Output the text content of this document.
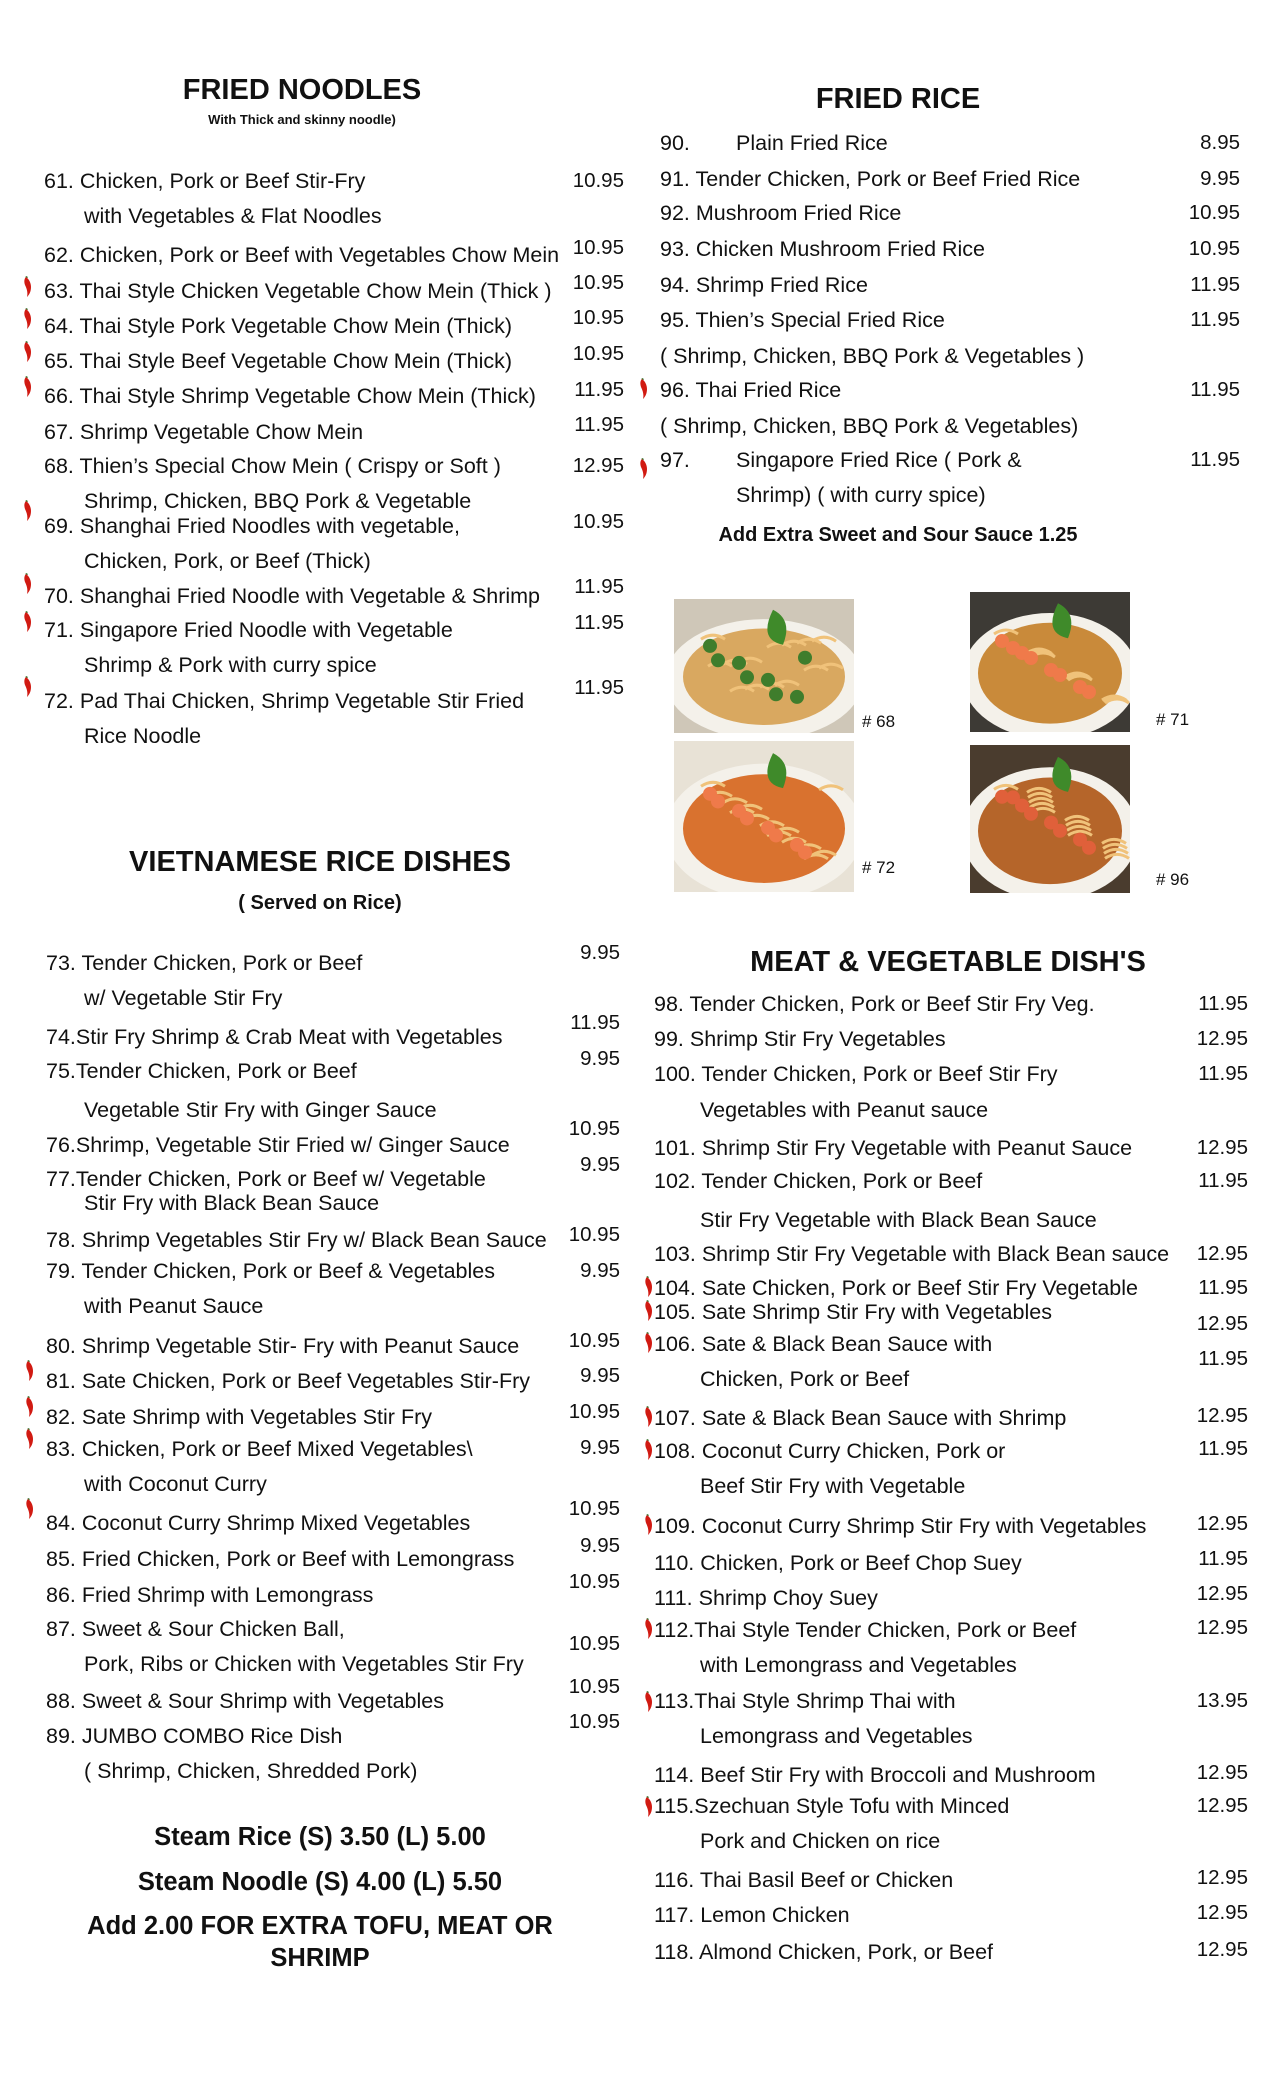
FRIED NOODLES
With Thick and skinny noodle)
61. Chicken, Pork or Beef Stir-Fry
with Vegetables & Flat Noodles
10.95
62. Chicken, Pork or Beef with Vegetables Chow Mein 10.95
63. Thai Style Chicken Vegetable Chow Mein (Thick ) 10.95
64. Thai Style Pork Vegetable Chow Mein (Thick)	10.95
65. Thai Style Beef Vegetable Chow Mein (Thick)	10.95
66. Thai Style Shrimp Vegetable Chow Mein (Thick) 11.95
67. Shrimp Vegetable Chow Mein	11.95
68. Thien’s Special Chow Mein ( Crispy or Soft )
Shrimp, Chicken, BBQ Pork & Vegetable
12.95
69. Shanghai Fried Noodles with vegetable,
Chicken, Pork, or Beef (Thick)
10.95
70. Shanghai Fried Noodle with Vegetable & Shrimp 11.95
71. Singapore Fried Noodle with Vegetable
Shrimp & Pork with curry spice
11.95
72. Pad Thai Chicken, Shrimp Vegetable Stir Fried
Rice Noodle
11.95
FRIED RICE
90. Plain Fried Rice	8.95
91. Tender Chicken, Pork or Beef Fried Rice	9.95
92. Mushroom Fried Rice	10.95
93. Chicken Mushroom Fried Rice	10.95
94. Shrimp Fried Rice	11.95
95. Thien’s Special Fried Rice
( Shrimp, Chicken, BBQ Pork & Vegetables )
11.95
96. Thai Fried Rice
( Shrimp, Chicken, BBQ Pork & Vegetables)
11.95
97. Singapore Fried Rice ( Pork &
Shrimp) ( with curry spice)
11.95
Add Extra Sweet and Sour Sauce 1.25
# 68	# 71
# 72
# 96
VIETNAMESE RICE DISHES
( Served on Rice)
73. Tender Chicken, Pork or Beef
w/ Vegetable Stir Fry
9.95
74.Stir Fry Shrimp & Crab Meat with Vegetables
11.95
75.Tender Chicken, Pork or Beef
Vegetable Stir Fry with Ginger Sauce
9.95
76.Shrimp, Vegetable Stir Fried w/ Ginger Sauce
10.95
77.Tender Chicken, Pork or Beef w/ Vegetable
Stir Fry with Black Bean Sauce
9.95
78. Shrimp Vegetables Stir Fry w/ Black Bean Sauce 10.95
79. Tender Chicken, Pork or Beef & Vegetables
with Peanut Sauce
9.95
80. Shrimp Vegetable Stir- Fry with Peanut Sauce 10.95
81. Sate Chicken, Pork or Beef Vegetables Stir-Fry 9.95
82. Sate Shrimp with Vegetables Stir Fry	10.95
83. Chicken, Pork or Beef Mixed Vegetables\
with Coconut Curry
9.95
84. Coconut Curry Shrimp Mixed Vegetables
10.95
85. Fried Chicken, Pork or Beef with Lemongrass
9.95
86. Fried Shrimp with Lemongrass
10.95
87. Sweet & Sour Chicken Ball,
Pork, Ribs or Chicken with Vegetables Stir Fry
10.95
88. Sweet & Sour Shrimp with Vegetables
10.95
89. JUMBO COMBO Rice Dish
( Shrimp, Chicken, Shredded Pork)
10.95
Steam Rice (S) 3.50 (L) 5.00
Steam Noodle (S) 4.00 (L) 5.50
Add 2.00 FOR EXTRA TOFU, MEAT OR
SHRIMP
MEAT & VEGETABLE DISH'S
98. Tender Chicken, Pork or Beef Stir Fry Veg.	11.95
99. Shrimp Stir Fry Vegetables	12.95
100. Tender Chicken, Pork or Beef Stir Fry
Vegetables with Peanut sauce
11.95
101. Shrimp Stir Fry Vegetable with Peanut Sauce	12.95
102. Tender Chicken, Pork or Beef
Stir Fry Vegetable with Black Bean Sauce
11.95
103. Shrimp Stir Fry Vegetable with Black Bean sauce 12.95
104. Sate Chicken, Pork or Beef Stir Fry Vegetable	11.95
105. Sate Shrimp Stir Fry with Vegetables	12.95
106. Sate & Black Bean Sauce with
Chicken, Pork or Beef
11.95
107. Sate & Black Bean Sauce with Shrimp	12.95
108. Coconut Curry Chicken, Pork or
Beef Stir Fry with Vegetable
11.95
109. Coconut Curry Shrimp Stir Fry with Vegetables 12.95
110. Chicken, Pork or Beef Chop Suey	11.95
111. Shrimp Choy Suey	12.95
112.Thai Style Tender Chicken, Pork or Beef
with Lemongrass and Vegetables
12.95
113.Thai Style Shrimp Thai with
Lemongrass and Vegetables
13.95
114. Beef Stir Fry with Broccoli and Mushroom	12.95
115.Szechuan Style Tofu with Minced
Pork and Chicken on rice
12.95
116. Thai Basil Beef or Chicken	12.95
117. Lemon Chicken	12.95
118. Almond Chicken, Pork, or Beef	12.95
